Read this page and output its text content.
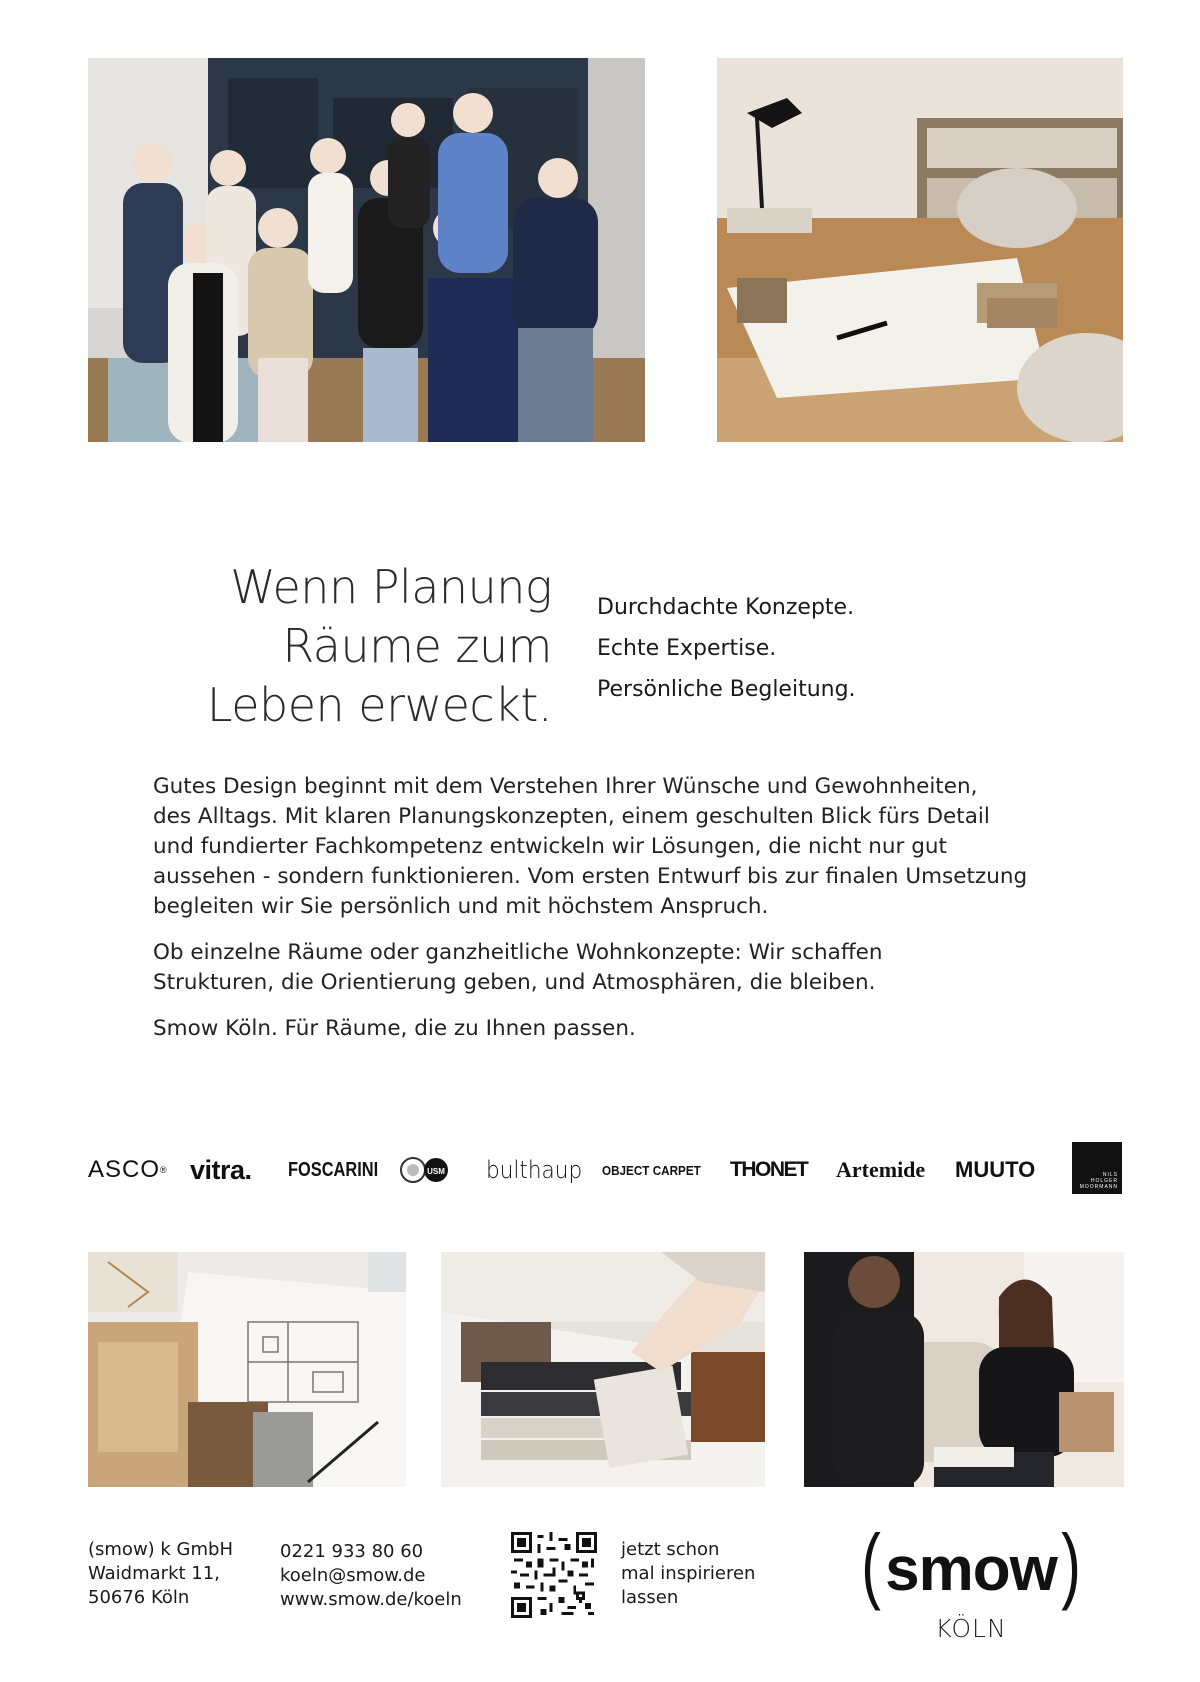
Wenn Planung
Räume zum
Leben erweckt.
Durchdachte Konzepte.
Echte Expertise.
Persönliche Begleitung.

Gutes Design beginnt mit dem Verstehen Ihrer Wünsche und Gewohnheiten,
des Alltags. Mit klaren Planungskonzepten, einem geschulten Blick fürs Detail
und fundierter Fachkompetenz entwickeln wir Lösungen, die nicht nur gut
aussehen - sondern funktionieren. Vom ersten Entwurf bis zur finalen Umsetzung
begleiten wir Sie persönlich und mit höchstem Anspruch.

Ob einzelne Räume oder ganzheitliche Wohnkonzepte: Wir schaffen
Strukturen, die Orientierung geben, und Atmosphären, die bleiben.

Smow Köln. Für Räume, die zu Ihnen passen.

ASCO ® vitra. FOSCARINI	USM bulthaup OBJECT CARPET THONET Artemide MUUTO	NILS
HOLGER
MOORMANN
(smow) k GmbH
Waidmarkt 11,
50676 Köln
0221 933 80 60
koeln@smow.de
www.smow.de/koeln
jetzt schon
mal inspirieren
lassen	(smow)
KÖLN
